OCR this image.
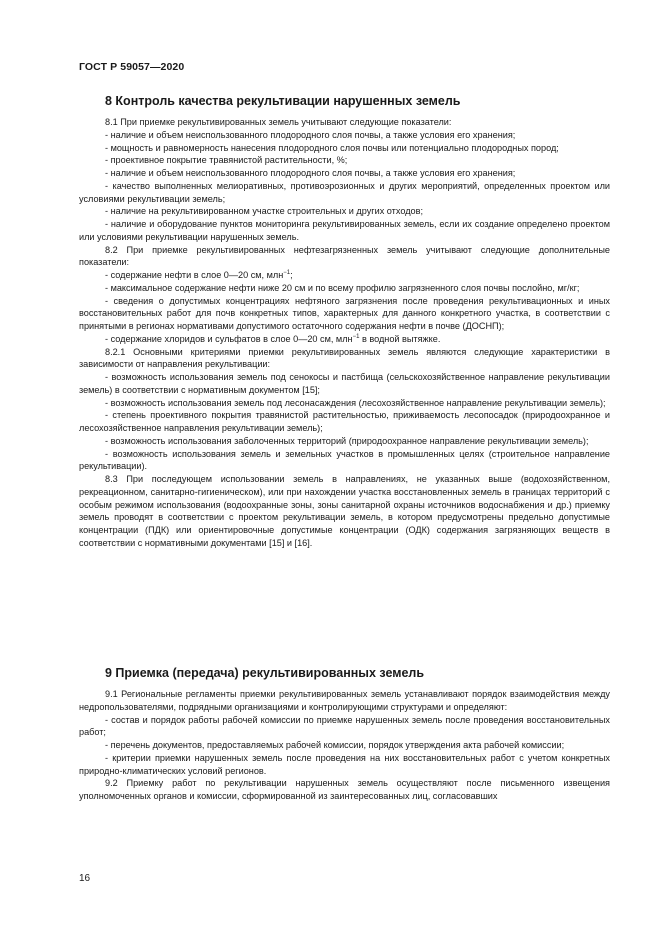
ГОСТ Р 59057—2020
8 Контроль качества рекультивации нарушенных земель

8.1 При приемке рекультивированных земель учитывают следующие показатели:

- наличие и объем неиспользованного плодородного слоя почвы, а также условия его хранения;

- мощность и равномерность нанесения плодородного слоя почвы или потенциально плодородных пород;

- проективное покрытие травянистой растительности, %;

- наличие и объем неиспользованного плодородного слоя почвы, а также условия его хранения;

- качество выполненных мелиоративных, противоэрозионных и других мероприятий, определенных проектом или условиями рекультивации земель;

- наличие на рекультивированном участке строительных и других отходов;

- наличие и оборудование пунктов мониторинга рекультивированных земель, если их создание определено проектом или условиями рекультивации нарушенных земель.

8.2 При приемке рекультивированных нефтезагрязненных земель учитывают следующие дополнительные показатели:

- содержание нефти в слое 0—20 см, млн$^{-1}$;

- максимальное содержание нефти ниже 20 см и по всему профилю загрязненного слоя почвы послойно, мг/кг;

- сведения о допустимых концентрациях нефтяного загрязнения после проведения рекультивационных и иных восстановительных работ для почв конкретных типов, характерных для данного конкретного участка, в соответствии с принятыми в регионах нормативами допустимого остаточного содержания нефти в почве (ДОСНП);

- содержание хлоридов и сульфатов в слое 0—20 см, млн$^{-1}$ в водной вытяжке.

8.2.1 Основными критериями приемки рекультивированных земель являются следующие характеристики в зависимости от направления рекультивации:

- возможность использования земель под сенокосы и пастбища (сельскохозяйственное направление рекультивации земель) в соответствии с нормативным документом [15];

- возможность использования земель под лесонасаждения (лесохозяйственное направление рекультивации земель);

- степень проективного покрытия травянистой растительностью, приживаемость лесопосадок (природоохранное и лесохозяйственное направления рекультивации земель);

- возможность использования заболоченных территорий (природоохранное направление рекультивации земель);

- возможность использования земель и земельных участков в промышленных целях (строительное направление рекультивации).

8.3 При последующем использовании земель в направлениях, не указанных выше (водохозяйственном, рекреационном, санитарно-гигиеническом), или при нахождении участка восстановленных земель в границах территорий с особым режимом использования (водоохранные зоны, зоны санитарной охраны источников водоснабжения и др.) приемку земель проводят в соответствии с проектом рекультивации земель, в котором предусмотрены предельно допустимые концентрации (ПДК) или ориентировочные допустимые концентрации (ОДК) содержания загрязняющих веществ в соответствии с нормативными документами [15] и [16].

9 Приемка (передача) рекультивированных земель

9.1 Региональные регламенты приемки рекультивированных земель устанавливают порядок взаимодействия между недропользователями, подрядными организациями и контролирующими структурами и определяют:

- состав и порядок работы рабочей комиссии по приемке нарушенных земель после проведения восстановительных работ;

- перечень документов, предоставляемых рабочей комиссии, порядок утверждения акта рабочей комиссии;

- критерии приемки нарушенных земель после проведения на них восстановительных работ с учетом конкретных природно-климатических условий регионов.

9.2 Приемку работ по рекультивации нарушенных земель осуществляют после письменного извещения уполномоченных органов и комиссии, сформированной из заинтересованных лиц, согласовавших

16
